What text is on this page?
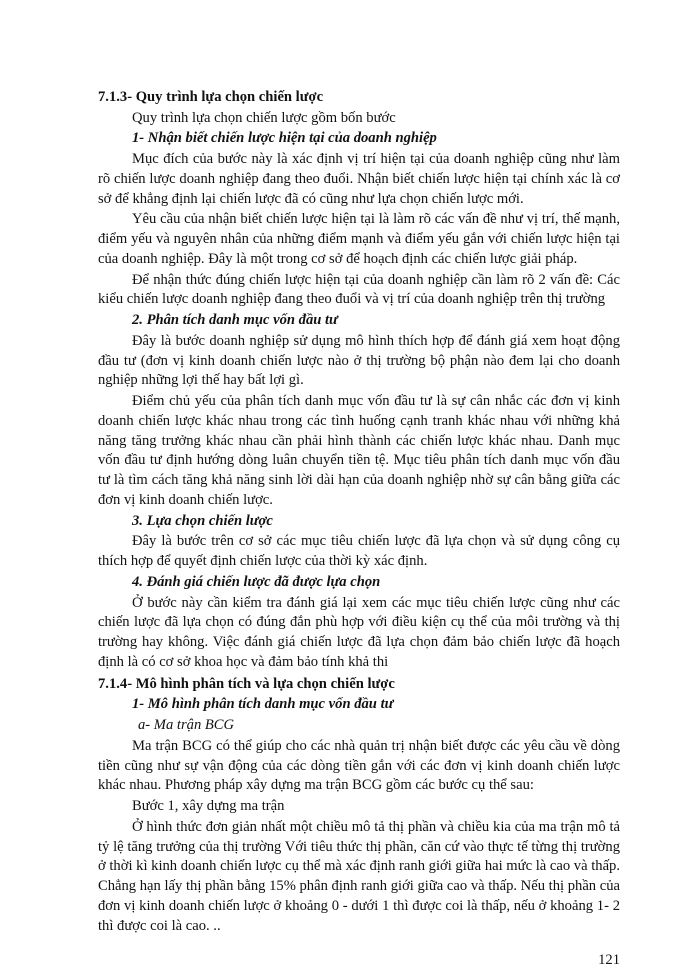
7.1.3- Quy trình lựa chọn chiến lược

Quy trình lựa chọn chiến lược gồm bốn bước

1- Nhận biết chiến lược hiện tại của doanh nghiệp

Mục đích của bước này là xác định vị trí hiện tại của doanh nghiệp cũng như làm rõ chiến lược doanh nghiệp đang theo đuổi. Nhận biết chiến lược hiện tại chính xác là cơ sở để khẳng định lại chiến lược đã có cũng như lựa chọn chiến lược mới.

Yêu cầu của nhận biết chiến lược hiện tại là làm rõ các vấn đề như vị trí, thế mạnh, điểm yếu và nguyên nhân của những điểm mạnh và điểm yếu gắn với chiến lược hiện tại của doanh nghiệp. Đây là một trong cơ sở để hoạch định các chiến lược giải pháp.

Để nhận thức đúng chiến lược hiện tại của doanh nghiệp cần làm rõ 2 vấn đề: Các kiểu chiến lược doanh nghiệp đang theo đuổi và vị trí của doanh nghiệp trên thị trường

2. Phân tích danh mục vốn đầu tư

Đây là bước doanh nghiệp sử dụng mô hình thích hợp để đánh giá xem hoạt động đầu tư (đơn vị kinh doanh chiến lược nào ở thị trường bộ phận nào đem lại cho doanh nghiệp những lợi thế hay bất lợi gì.

Điểm chủ yếu của phân tích danh mục vốn đầu tư là sự cân nhắc các đơn vị kinh doanh chiến lược khác nhau trong các tình huống cạnh tranh khác nhau với những khả năng tăng trưởng khác nhau cần phải hình thành các chiến lược khác nhau. Danh mục vốn đầu tư định hướng dòng luân chuyển tiền tệ. Mục tiêu phân tích danh mục vốn đầu tư là tìm cách tăng khả năng sinh lời dài hạn của doanh nghiệp nhờ sự cân bằng giữa các đơn vị kinh doanh chiến lược.

3. Lựa chọn chiến lược

Đây là bước trên cơ sở các mục tiêu chiến lược đã lựa chọn và sử dụng công cụ thích hợp để quyết định chiến lược của thời kỳ xác định.

4. Đánh giá chiến lược đã được lựa chọn

Ở bước này cần kiểm tra đánh giá lại xem các mục tiêu chiến lược cũng như các chiến lược đã lựa chọn có đúng đắn phù hợp với điều kiện cụ thể của môi trường và thị trường hay không. Việc đánh giá chiến lược đã lựa chọn đảm bảo chiến lược đã hoạch định là có cơ sở khoa học và đảm bảo tính khả thi

7.1.4- Mô hình phân tích và lựa chọn chiến lược

1- Mô hình phân tích danh mục vốn đầu tư

a- Ma trận BCG

Ma trận BCG có thể giúp cho các nhà quản trị nhận biết được các yêu cầu về dòng tiền cũng như sự vận động của các dòng tiền gắn với các đơn vị kinh doanh chiến lược khác nhau. Phương pháp xây dựng ma trận BCG gồm các bước cụ thể sau:

Bước 1, xây dựng ma trận

Ở hình thức đơn giản nhất một chiều mô tả thị phần và chiều kia của ma trận mô tả tỷ lệ tăng trưởng của thị trường Với tiêu thức thị phần, căn cứ vào thực tế từng thị trường ở thời kì kinh doanh chiến lược cụ thể mà xác định ranh giới giữa hai mức là cao và thấp. Chẳng hạn lấy thị phần bằng 15% phân định ranh giới giữa cao và thấp. Nếu thị phần của đơn vị kinh doanh chiến lược ở khoảng 0 - dưới 1 thì được coi là thấp, nếu ở khoảng 1- 2 thì được coi là cao. ..

121
